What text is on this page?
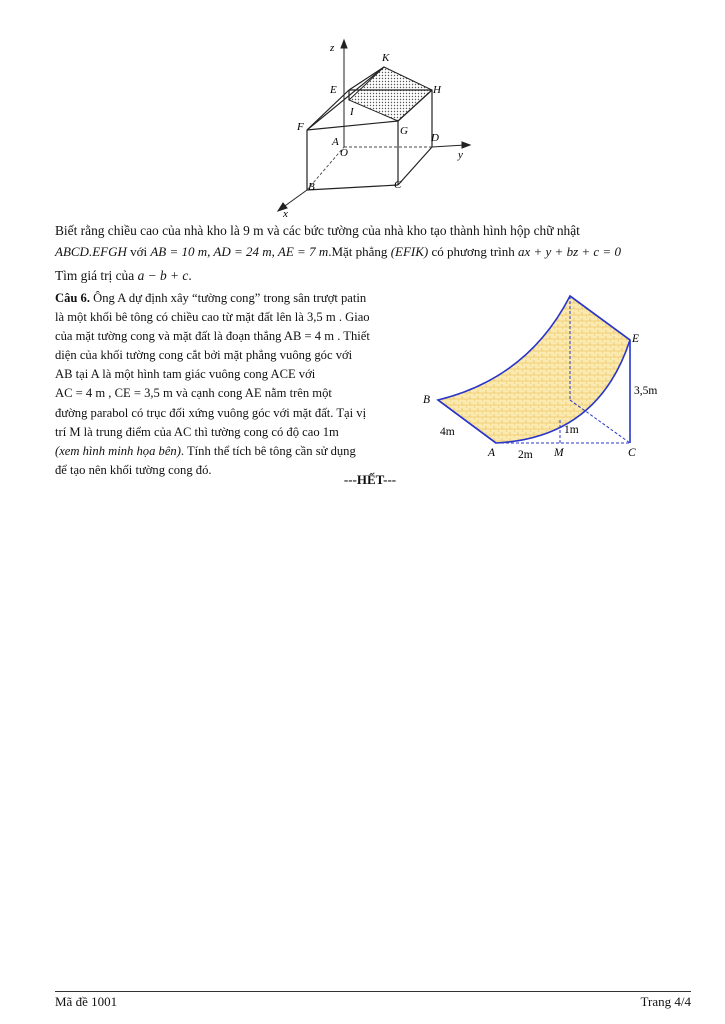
z
K
E	H
I
F	G
A
O
D
y
B	C
x
Biết rằng chiều cao của nhà kho là 9 m và các bức tường của nhà kho tạo thành hình hộp chữ nhật
ABCD.EFGH với AB = 10 m, AD = 24 m, AE = 7 m.Mặt phẳng (EFIK) có phương trình ax + y + bz + c = 0
Tìm giá trị của a − b + c.
Câu 6. Ông A dự định xây “tường cong” trong sân trượt patin
là một khối bê tông có chiều cao từ mặt đất lên là 3,5 m . Giao
của mặt tường cong và mặt đất là đoạn thẳng AB = 4 m . Thiết
diện của khối tường cong cắt bởi mặt phẳng vuông góc với
AB tại A là một hình tam giác vuông cong ACE với
AC = 4 m , CE = 3,5 m và cạnh cong AE nằm trên một
đường parabol có trục đối xứng vuông góc với mặt đất. Tại vị
trí M là trung điểm của AC thì tường cong có độ cao 1m
(xem hình minh họa bên). Tính thể tích bê tông cần sử dụng
để tạo nên khối tường cong đó.
B
E
A	M	C
4m
2m
1m
3,5m
---HẾT---
Mã đề 1001	Trang 4/4
